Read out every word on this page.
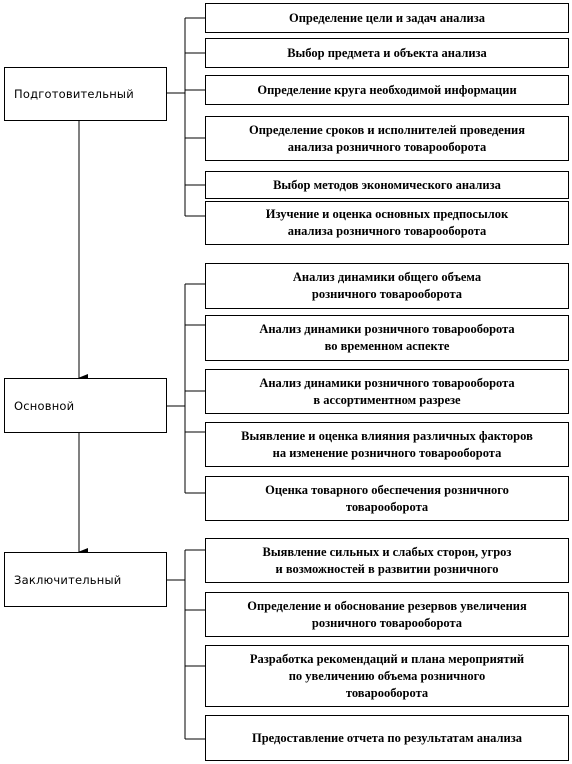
Подготовительный
Основной
Заключительный
Определение цели и задач анализа
Выбор предмета и объекта анализа
Определение круга необходимой информации
Определение сроков и исполнителей проведения
анализа розничного товарооборота
Выбор методов экономического анализа
Изучение и оценка основных предпосылок
анализа розничного товарооборота
Анализ динамики общего объема
розничного товарооборота
Анализ динамики розничного товарооборота
во временном аспекте
Анализ динамики розничного товарооборота
в ассортиментном разрезе
Выявление и оценка влияния различных факторов
на изменение розничного товарооборота
Оценка товарного обеспечения розничного
товарооборота
Выявление сильных и слабых сторон, угроз
и возможностей в развитии розничного
Определение и обоснование резервов увеличения
розничного товарооборота
Разработка рекомендаций и плана мероприятий
по увеличению объема розничного
товарооборота
Предоставление отчета по результатам анализа
